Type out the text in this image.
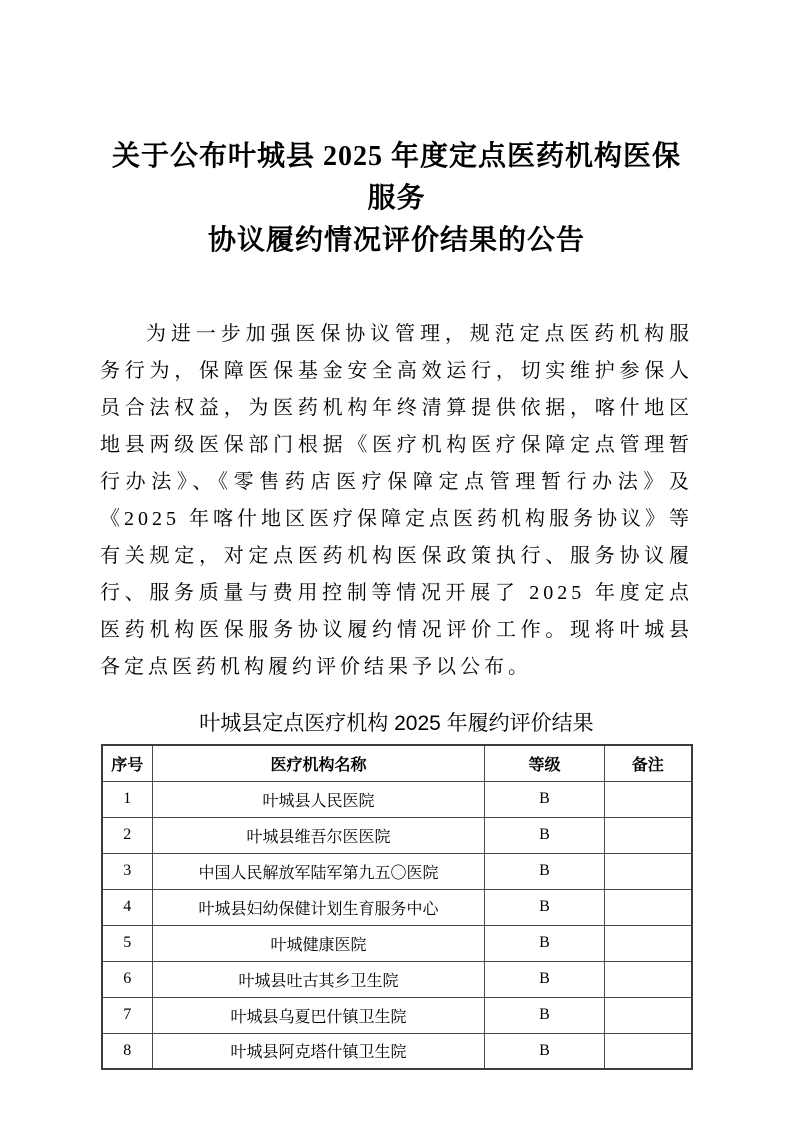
关于公布叶城县 2025 年度定点医药机构医保服务
协议履约情况评价结果的公告

为进一步加强医保协议管理，规范定点医药机构服务行为，保障医保基金安全高效运行，切实维护参保人员合法权益，为医药机构年终清算提供依据，喀什地区地县两级医保部门根据《医疗机构医疗保障定点管理暂行办法》、《零售药店医疗保障定点管理暂行办法》及《2025 年喀什地区医疗保障定点医药机构服务协议》等有关规定，对定点医药机构医保政策执行、服务协议履行、服务质量与费用控制等情况开展了 2025 年度定点医药机构医保服务协议履约情况评价工作。现将叶城县各定点医药机构履约评价结果予以公布。

叶城县定点医疗机构 2025 年履约评价结果
序号	医疗机构名称	等级	备注
1	叶城县人民医院	B	
2	叶城县维吾尔医医院	B	
3	中国人民解放军陆军第九五〇医院	B	
4	叶城县妇幼保健计划生育服务中心	B	
5	叶城健康医院	B	
6	叶城县吐古其乡卫生院	B	
7	叶城县乌夏巴什镇卫生院	B	
8	叶城县阿克塔什镇卫生院	B	
